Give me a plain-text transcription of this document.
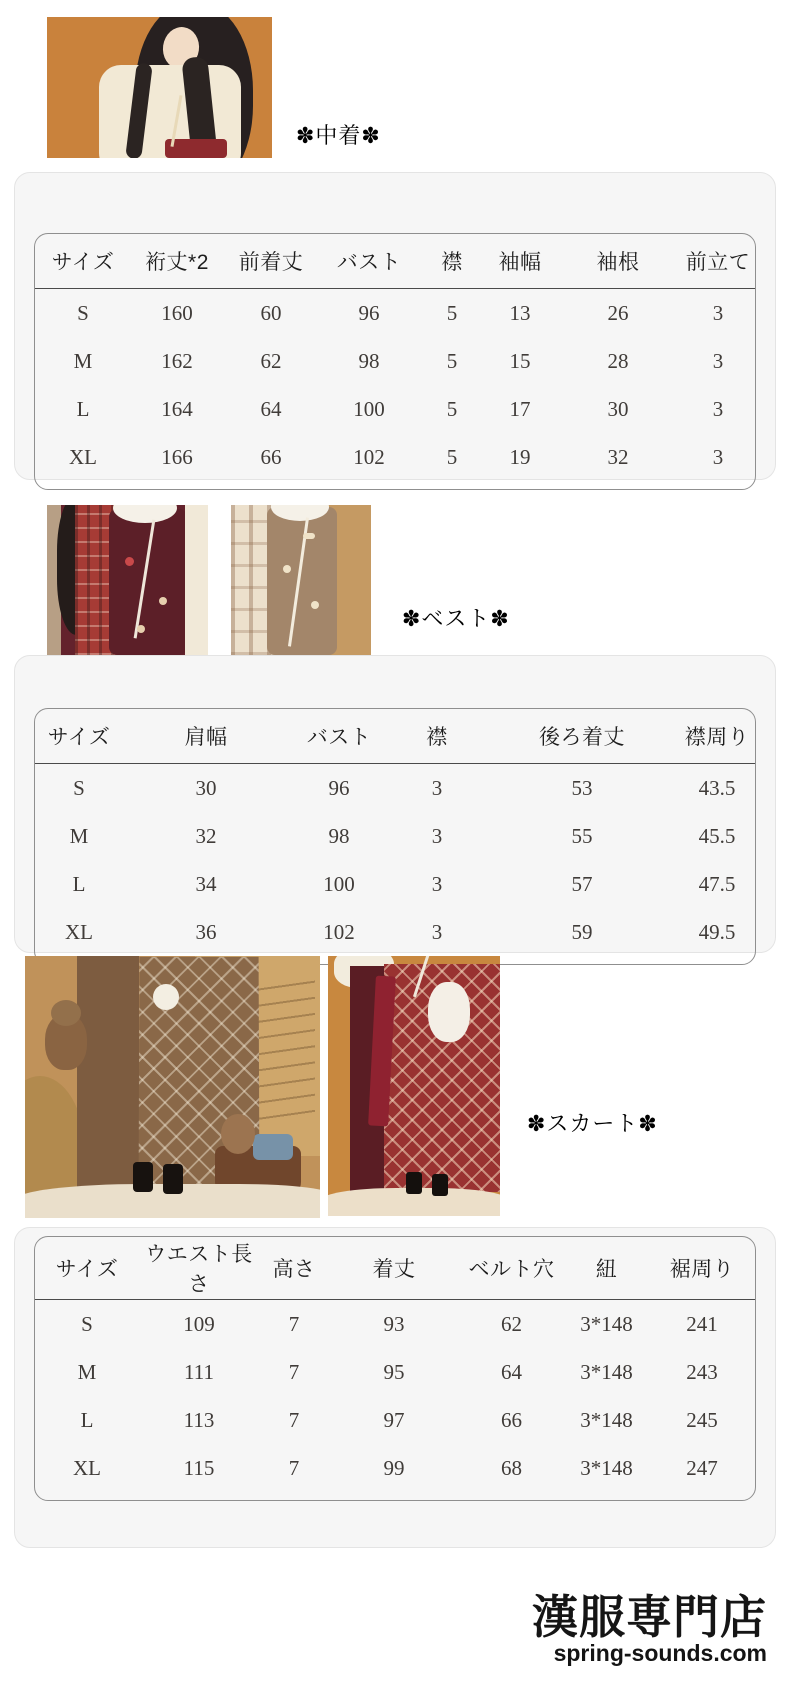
✽中着✽
サイズ	裄丈*2	前着丈	バスト	襟	袖幅	袖根	前立て
S	160	60	96	5	13	26	3
M	162	62	98	5	15	28	3
L	164	64	100	5	17	30	3
XL	166	66	102	5	19	32	3
✽ベスト✽
サイズ	肩幅	バスト	襟	後ろ着丈	襟周り
S	30	96	3	53	43.5
M	32	98	3	55	45.5
L	34	100	3	57	47.5
XL	36	102	3	59	49.5
✽スカート✽
サイズ	ウエスト長さ	高さ	着丈	ベルト穴	紐	裾周り
S	109	7	93	62	3*148	241
M	111	7	95	64	3*148	243
L	113	7	97	66	3*148	245
XL	115	7	99	68	3*148	247
漢服専門店
spring-sounds.com
